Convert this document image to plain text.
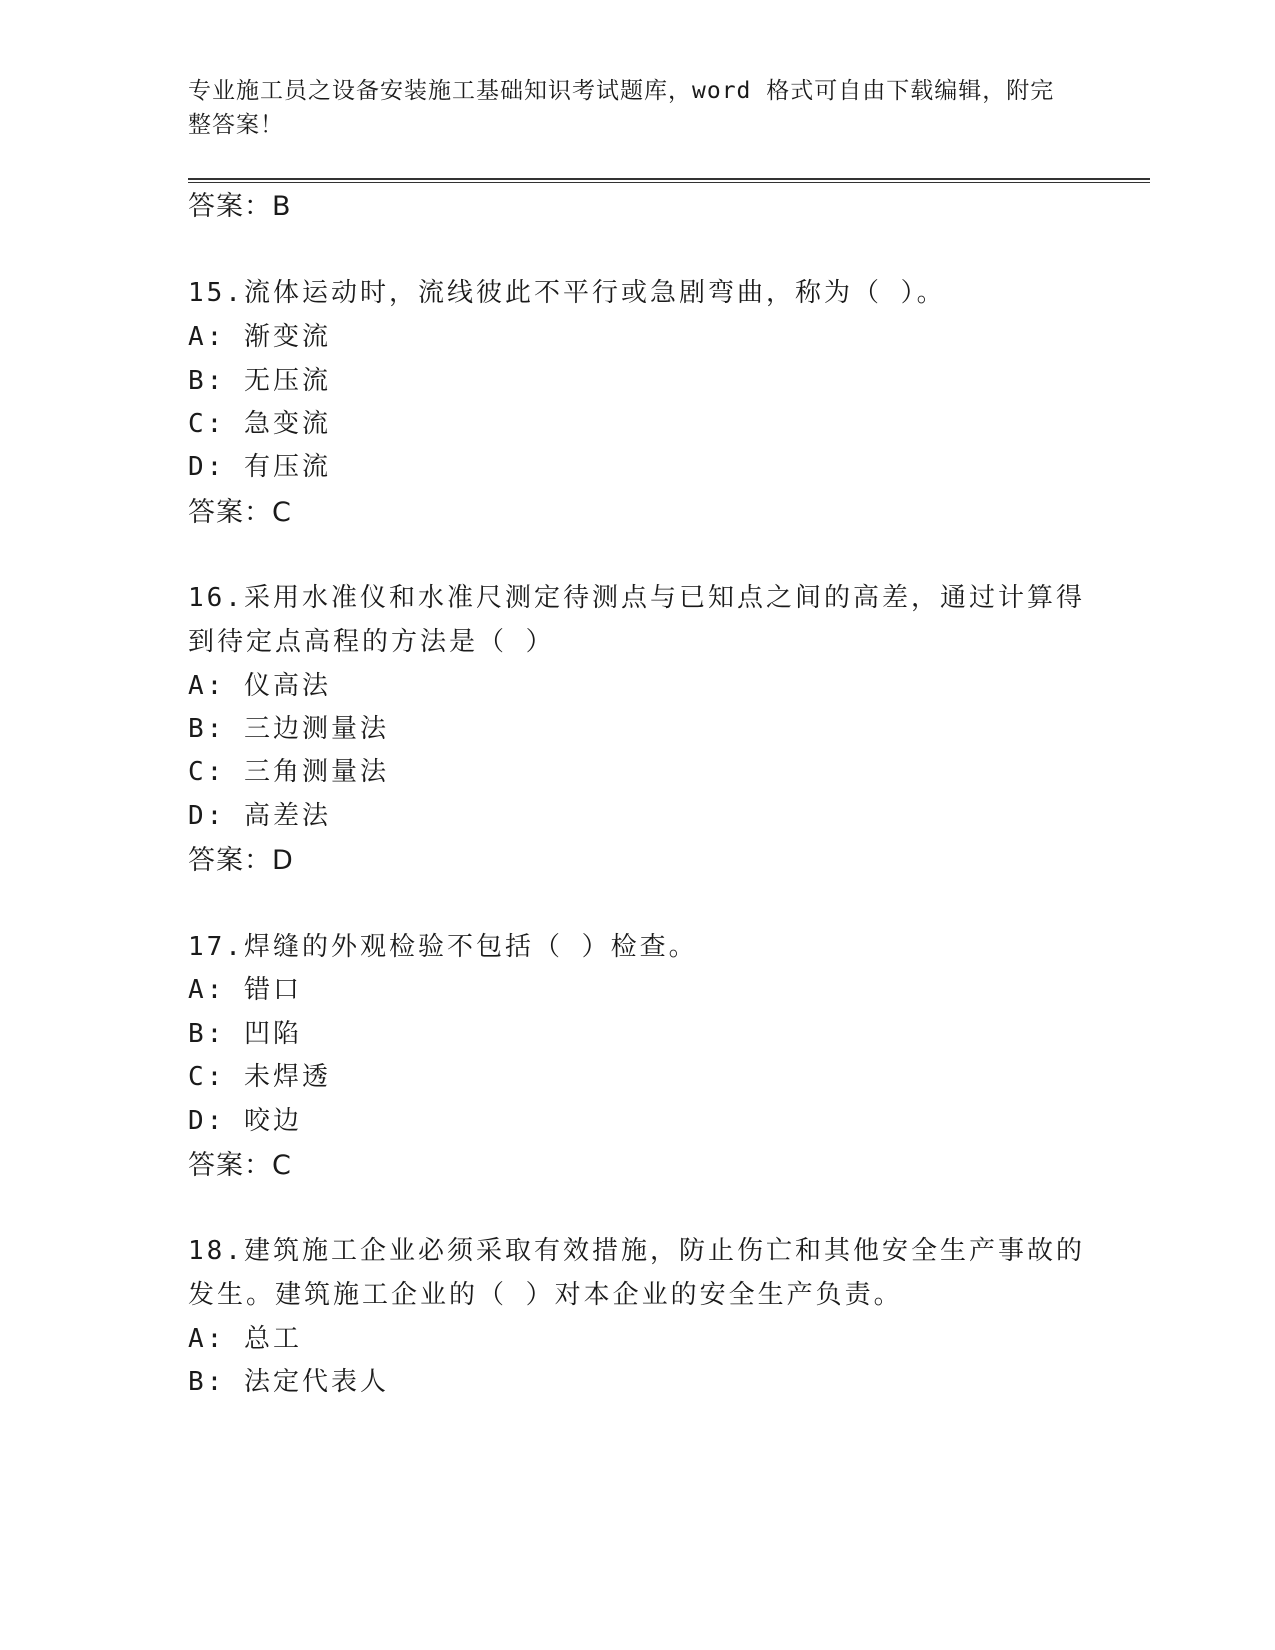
专业施工员之设备安装施工基础知识考试题库，word 格式可自由下载编辑，附完
整答案！
答案：B
15.流体运动时，流线彼此不平行或急剧弯曲，称为（ ）。
A: 渐变流
B: 无压流
C: 急变流
D: 有压流
答案：C
16.采用水准仪和水准尺测定待测点与已知点之间的高差，通过计算得
到待定点高程的方法是（ ）
A: 仪高法
B: 三边测量法
C: 三角测量法
D: 高差法
答案：D
17.焊缝的外观检验不包括（ ）检查。
A: 错口
B: 凹陷
C: 未焊透
D: 咬边
答案：C
18.建筑施工企业必须采取有效措施，防止伤亡和其他安全生产事故的
发生。建筑施工企业的（ ）对本企业的安全生产负责。
A: 总工
B: 法定代表人
